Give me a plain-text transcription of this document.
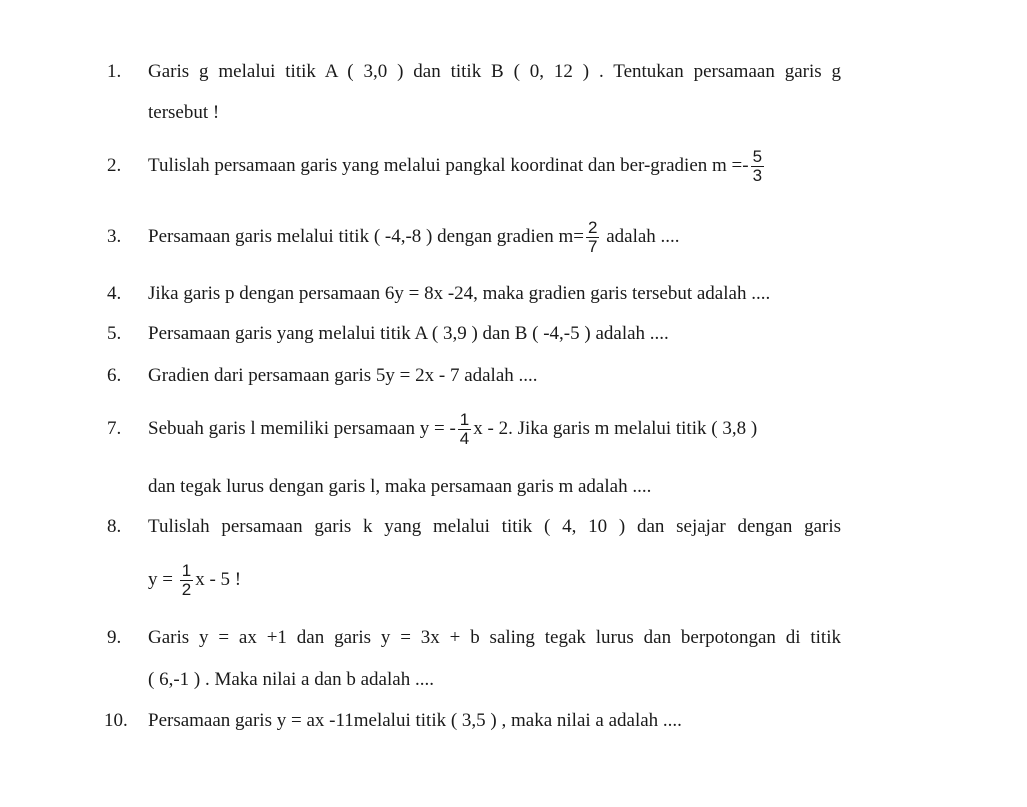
1. Garis g melalui titik A ( 3,0 ) dan titik B ( 0, 12 ) . Tentukan persamaan garis g
tersebut !
2. Tulislah persamaan garis yang melalui pangkal koordinat dan ber-gradien $m =- \frac{5}{3}$
3. Persamaan garis melalui titik ( -4,-8 ) dengan gradien $m= \frac{2}{7}$ adalah ....
4. Jika garis p dengan persamaan 6y = 8x -24, maka gradien garis tersebut adalah ....
5. Persamaan garis yang melalui titik A ( 3,9 ) dan B ( -4,-5 ) adalah ....
6. Gradien dari persamaan garis 5y = 2x - 7 adalah ....
7. Sebuah garis l memiliki persamaan y = - $\frac{1}{4}$ x - 2. Jika garis m melalui titik ( 3,8 )
dan tegak lurus dengan garis l, maka persamaan garis m adalah ....
8. Tulislah persamaan garis k yang melalui titik ( 4, 10 ) dan sejajar dengan garis
$y = \frac{1}{2}$ x - 5 !
9. Garis y = ax +1 dan garis y = 3x + b saling tegak lurus dan berpotongan di titik
( 6,-1 ) . Maka nilai a dan b adalah ....
10. Persamaan garis y = ax -11melalui titik ( 3,5 ) , maka nilai a adalah ....
